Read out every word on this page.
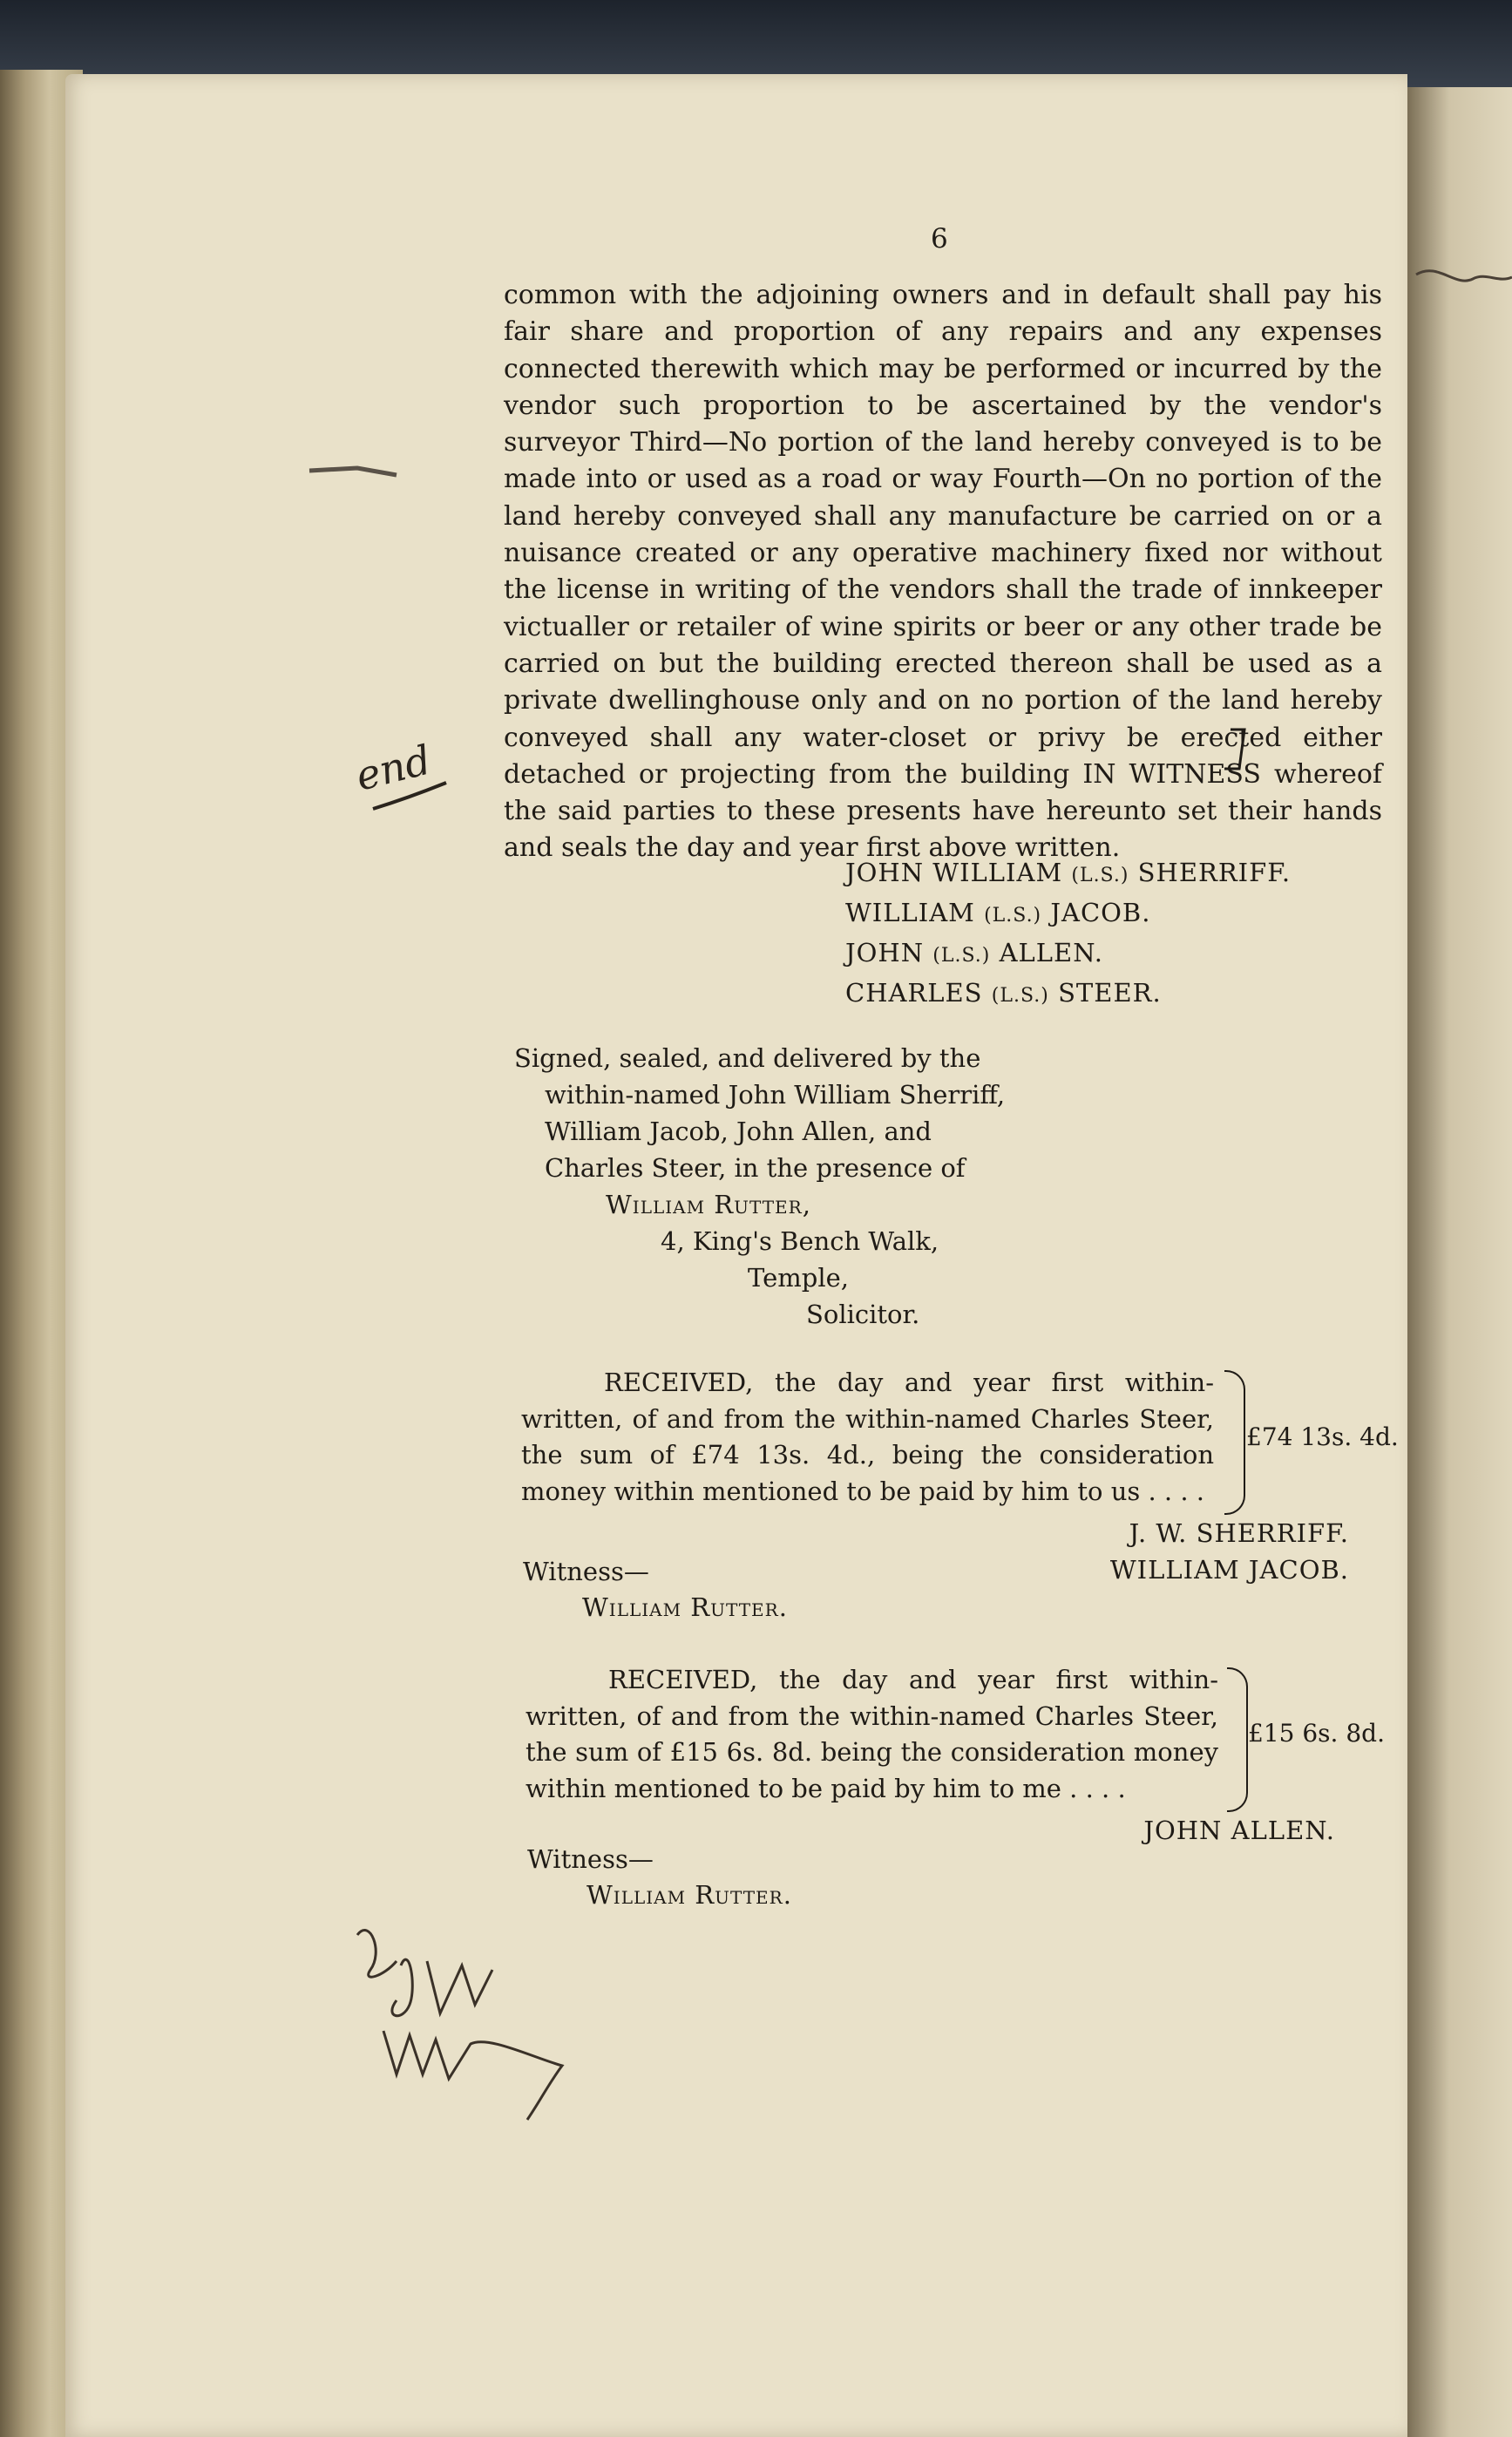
6

common with the adjoining owners and in default shall pay his fair share and proportion of any repairs and any expenses connected therewith which may be performed or incurred by the vendor such proportion to be ascertained by the vendor's surveyor Third—No portion of the land hereby conveyed is to be made into or used as a road or way Fourth—On no portion of the land hereby conveyed shall any manufacture be carried on or a nuisance created or any operative machinery fixed nor without the license in writing of the vendors shall the trade of innkeeper victualler or retailer of wine spirits or beer or any other trade be carried on but the building erected thereon shall be used as a private dwellinghouse only and on no portion of the land hereby conveyed shall any water-closet or privy be erected either detached or projecting from the building IN WITNESS whereof the said parties to these presents have hereunto set their hands and seals the day and year first above written.

JOHN WILLIAM (L.S.) SHERRIFF.
WILLIAM (L.S.) JACOB.
JOHN (L.S.) ALLEN.
CHARLES (L.S.) STEER.
Signed, sealed, and delivered by the
within-named John William Sherriff,
William Jacob, John Allen, and
Charles Steer, in the presence of
William Rutter,
4, King's Bench Walk,
Temple,
Solicitor.

RECEIVED, the day and year first within-written, of and from the within-named Charles Steer, the sum of £74 13s. 4d., being the consideration money within mentioned to be paid by him to us . . . .

£74 13s. 4d.
J. W. SHERRIFF.
WILLIAM JACOB.
Witness—
William Rutter.

RECEIVED, the day and year first within-written, of and from the within-named Charles Steer, the sum of £15 6s. 8d. being the consideration money within mentioned to be paid by him to me . . . .

£15 6s. 8d.
JOHN ALLEN.
Witness—
William Rutter.
end
